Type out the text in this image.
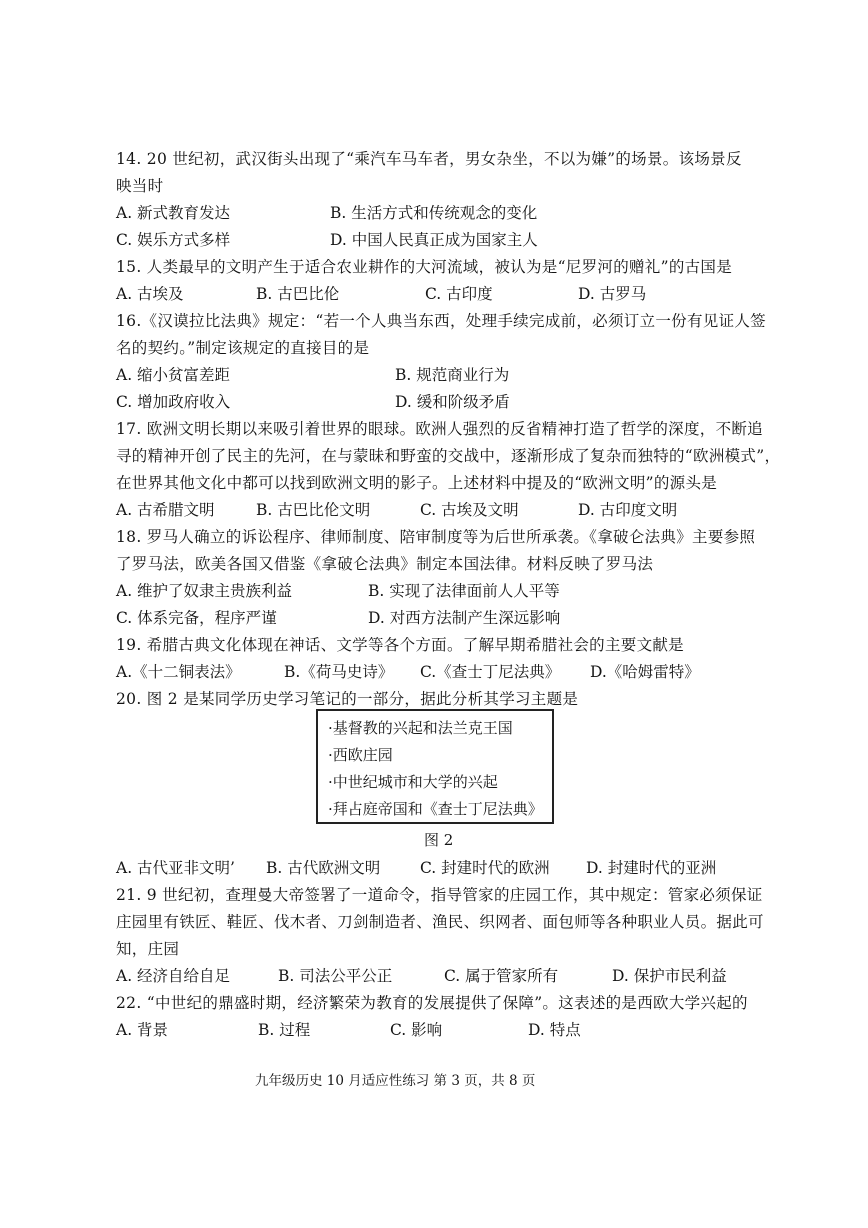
14. 20 世纪初，武汉街头出现了“乘汽车马车者，男女杂坐，不以为嫌”的场景。该场景反
映当时
A. 新式教育发达	B. 生活方式和传统观念的变化
C. 娱乐方式多样	D. 中国人民真正成为国家主人
15. 人类最早的文明产生于适合农业耕作的大河流域，被认为是“尼罗河的赠礼”的古国是
A. 古埃及	B. 古巴比伦	C. 古印度	D. 古罗马
16.《汉谟拉比法典》规定：“若一个人典当东西，处理手续完成前，必须订立一份有见证人签
名的契约。”制定该规定的直接目的是
A. 缩小贫富差距	B. 规范商业行为
C. 增加政府收入	D. 缓和阶级矛盾
17. 欧洲文明长期以来吸引着世界的眼球。欧洲人强烈的反省精神打造了哲学的深度，不断追
寻的精神开创了民主的先河，在与蒙昧和野蛮的交战中，逐渐形成了复杂而独特的“欧洲模式”，
在世界其他文化中都可以找到欧洲文明的影子。上述材料中提及的“欧洲文明”的源头是
A. 古希腊文明	B. 古巴比伦文明	C. 古埃及文明	D. 古印度文明
18. 罗马人确立的诉讼程序、律师制度、陪审制度等为后世所承袭。《拿破仑法典》主要参照
了罗马法，欧美各国又借鉴《拿破仑法典》制定本国法律。材料反映了罗马法
A. 维护了奴隶主贵族利益	B. 实现了法律面前人人平等
C. 体系完备，程序严谨	D. 对西方法制产生深远影响
19. 希腊古典文化体现在神话、文学等各个方面。了解早期希腊社会的主要文献是
A.《十二铜表法》	B.《荷马史诗》 C.《查士丁尼法典》 D.《哈姆雷特》
20. 图 2 是某同学历史学习笔记的一部分，据此分析其学习主题是
·基督教的兴起和法兰克王国
·西欧庄园
·中世纪城市和大学的兴起
·拜占庭帝国和《查士丁尼法典》
图 2
A. 古代亚非文明’ B. 古代欧洲文明	C. 封建时代的欧洲 D. 封建时代的亚洲
21. 9 世纪初，查理曼大帝签署了一道命令，指导管家的庄园工作，其中规定：管家必须保证
庄园里有铁匠、鞋匠、伐木者、刀剑制造者、渔民、织网者、面包师等各种职业人员。据此可
知，庄园
A. 经济自给自足	B. 司法公平公正	C. 属于管家所有	D. 保护市民利益
22. “中世纪的鼎盛时期，经济繁荣为教育的发展提供了保障”。这表述的是西欧大学兴起的
A. 背景	B. 过程	C. 影响	D. 特点
九年级历史 10 月适应性练习 第 3 页，共 8 页
